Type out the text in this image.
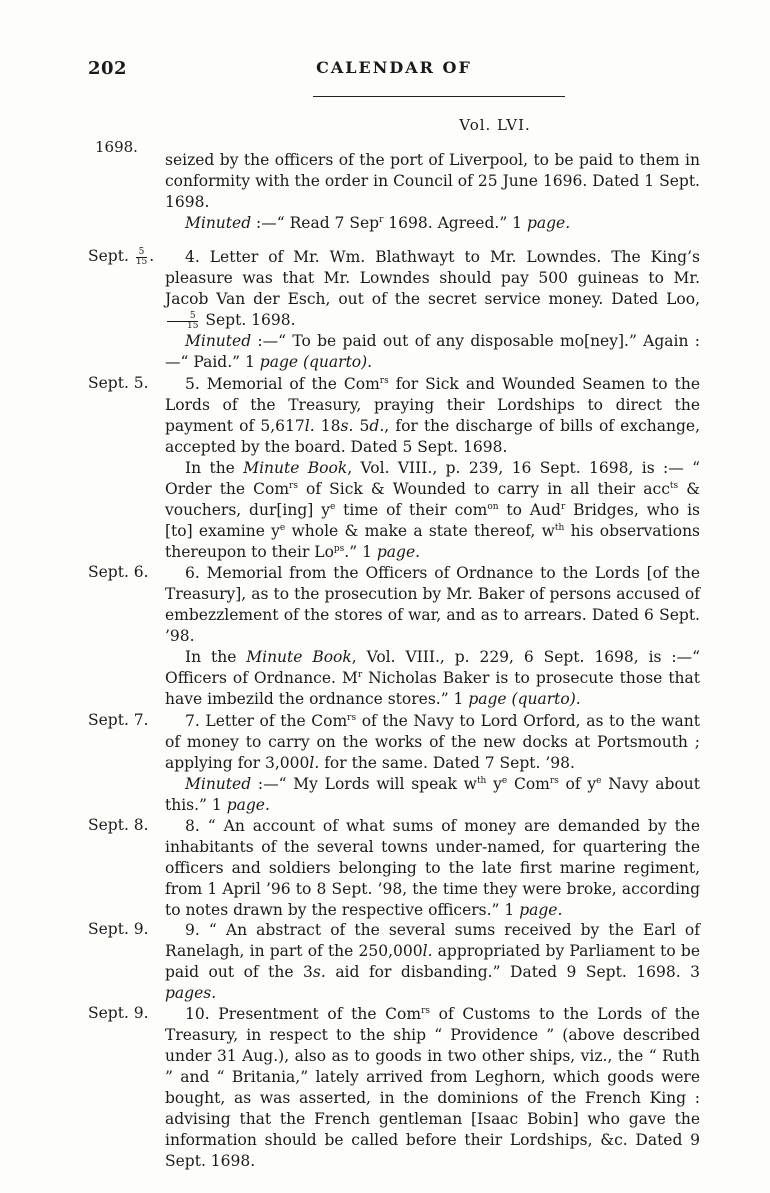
202	CALENDAR OF
Vol. LVI.
1698.

seized by the officers of the port of Liverpool, to be paid to them in conformity with the order in Council of 25 June 1696. Dated 1 Sept. 1698.

Minuted :—“ Read 7 Sep$^r$ 1698. Agreed.” 1 page.

Sept. $\frac{5}{15}$ .	4. Letter of Mr. Wm. Blathwayt to Mr. Lowndes. The King’s pleasure was that Mr. Lowndes should pay 500 guineas to Mr. Jacob Van der Esch, out of the secret service money. Dated Loo,
$\frac{5}{15}$ Sept. 1698.

Minuted :—“ To be paid out of any disposable mo[ney].” Again :—“ Paid.” 1 page (quarto).

Sept. 5.	5. Memorial of the Com$^{rs}$ for Sick and Wounded Seamen to the Lords of the Treasury, praying their Lordships to direct the payment of 5,617l. 18s. 5d., for the discharge of bills of exchange, accepted by the board. Dated 5 Sept. 1698.

In the Minute Book, Vol. VIII., p. 239, 16 Sept. 1698, is :— “ Order the Com$^{rs}$ of Sick & Wounded to carry in all their acc$^{ts}$ & vouchers, dur[ing] $y^e$ time of their com$^{on}$ to Aud$^r$ Bridges, who is [to] examine $y^e$ whole & make a state thereof, $w^{th}$ his observations thereupon to their $Lo^{ps}$.” 1 page.

Sept. 6.	6. Memorial from the Officers of Ordnance to the Lords [of the Treasury], as to the prosecution by Mr. Baker of persons accused of embezzlement of the stores of war, and as to arrears. Dated 6 Sept. ’98.

In the Minute Book, Vol. VIII., p. 229, 6 Sept. 1698, is :—“ Officers of Ordnance. $M^r$ Nicholas Baker is to prosecute those that have imbezild the ordnance stores.” 1 page (quarto).

Sept. 7.	7. Letter of the Com$^{rs}$ of the Navy to Lord Orford, as to the want of money to carry on the works of the new docks at Portsmouth ; applying for 3,000l. for the same. Dated 7 Sept. ’98.

Minuted :—“ My Lords will speak $w^{th}$ $y^e$ Com$^{rs}$ of $y^e$ Navy about this.” 1 page.

Sept. 8.	8. “ An account of what sums of money are demanded by the inhabitants of the several towns under-named, for quartering the officers and soldiers belonging to the late first marine regiment, from 1 April ’96 to 8 Sept. ’98, the time they were broke, according to notes drawn by the respective officers.” 1 page.

Sept. 9.	9. “ An abstract of the several sums received by the Earl of Ranelagh, in part of the 250,000l. appropriated by Parliament to be paid out of the 3s. aid for disbanding.” Dated 9 Sept. 1698. 3 pages.

Sept. 9.	10. Presentment of the Com$^{rs}$ of Customs to the Lords of the Treasury, in respect to the ship “ Providence ” (above described under 31 Aug.), also as to goods in two other ships, viz., the “ Ruth ” and “ Britania,” lately arrived from Leghorn, which goods were bought, as was asserted, in the dominions of the French King : advising that the French gentleman [Isaac Bobin] who gave the information should be called before their Lordships, &c. Dated 9 Sept. 1698.
